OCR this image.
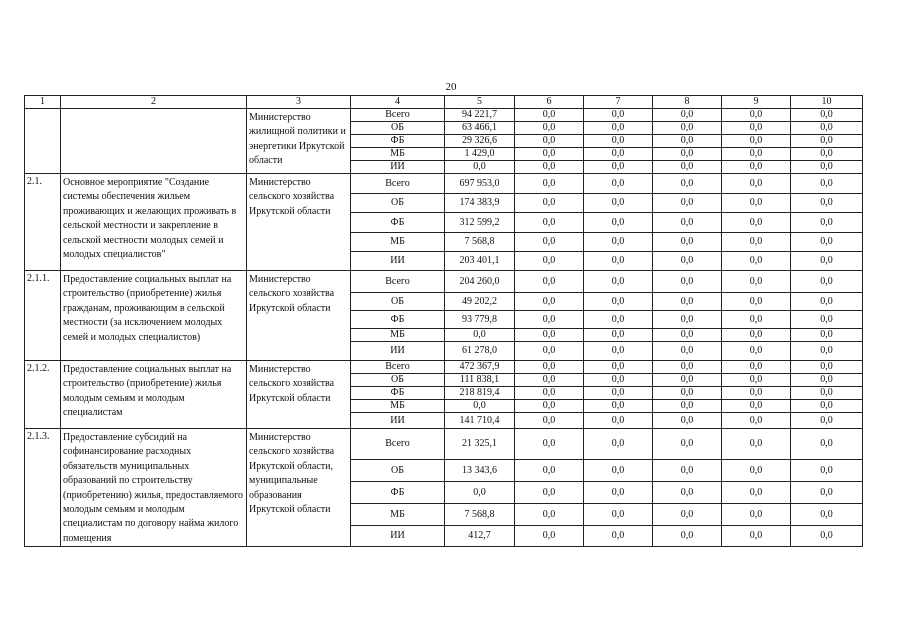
20
1	2	3	4	5	6	7	8	9	10
		Министерство жилищной политики и энергетики Иркутской области	Всего	94 221,7	0,0	0,0	0,0	0,0	0,0
			ОБ	63 466,1	0,0	0,0	0,0	0,0	0,0
			ФБ	29 326,6	0,0	0,0	0,0	0,0	0,0
			МБ	1 429,0	0,0	0,0	0,0	0,0	0,0
			ИИ	0,0	0,0	0,0	0,0	0,0	0,0
2.1.	Основное мероприятие "Создание системы обеспечения жильем проживающих и желающих проживать в сельской местности и закрепление в сельской местности молодых семей и молодых специалистов"	Министерство сельского хозяйства Иркутской области	Всего	697 953,0	0,0	0,0	0,0	0,0	0,0
			ОБ	174 383,9	0,0	0,0	0,0	0,0	0,0
			ФБ	312 599,2	0,0	0,0	0,0	0,0	0,0
			МБ	7 568,8	0,0	0,0	0,0	0,0	0,0
			ИИ	203 401,1	0,0	0,0	0,0	0,0	0,0
2.1.1.	Предоставление социальных выплат на строительство (приобретение) жилья гражданам, проживающим в сельской местности (за исключением молодых семей и молодых специалистов)	Министерство сельского хозяйства Иркутской области	Всего	204 260,0	0,0	0,0	0,0	0,0	0,0
			ОБ	49 202,2	0,0	0,0	0,0	0,0	0,0
			ФБ	93 779,8	0,0	0,0	0,0	0,0	0,0
			МБ	0,0	0,0	0,0	0,0	0,0	0,0
			ИИ	61 278,0	0,0	0,0	0,0	0,0	0,0
2.1.2.	Предоставление социальных выплат на строительство (приобретение) жилья молодым семьям и молодым специалистам	Министерство сельского хозяйства Иркутской области	Всего	472 367,9	0,0	0,0	0,0	0,0	0,0
			ОБ	111 838,1	0,0	0,0	0,0	0,0	0,0
			ФБ	218 819,4	0,0	0,0	0,0	0,0	0,0
			МБ	0,0	0,0	0,0	0,0	0,0	0,0
			ИИ	141 710,4	0,0	0,0	0,0	0,0	0,0
2.1.3.	Предоставление субсидий на софинансирование расходных обязательств муниципальных образований по строительству (приобретению) жилья, предоставляемого молодым семьям и молодым специалистам по договору найма жилого помещения	Министерство сельского хозяйства Иркутской области, муниципальные образования Иркутской области	Всего	21 325,1	0,0	0,0	0,0	0,0	0,0
			ОБ	13 343,6	0,0	0,0	0,0	0,0	0,0
			ФБ	0,0	0,0	0,0	0,0	0,0	0,0
			МБ	7 568,8	0,0	0,0	0,0	0,0	0,0
			ИИ	412,7	0,0	0,0	0,0	0,0	0,0
